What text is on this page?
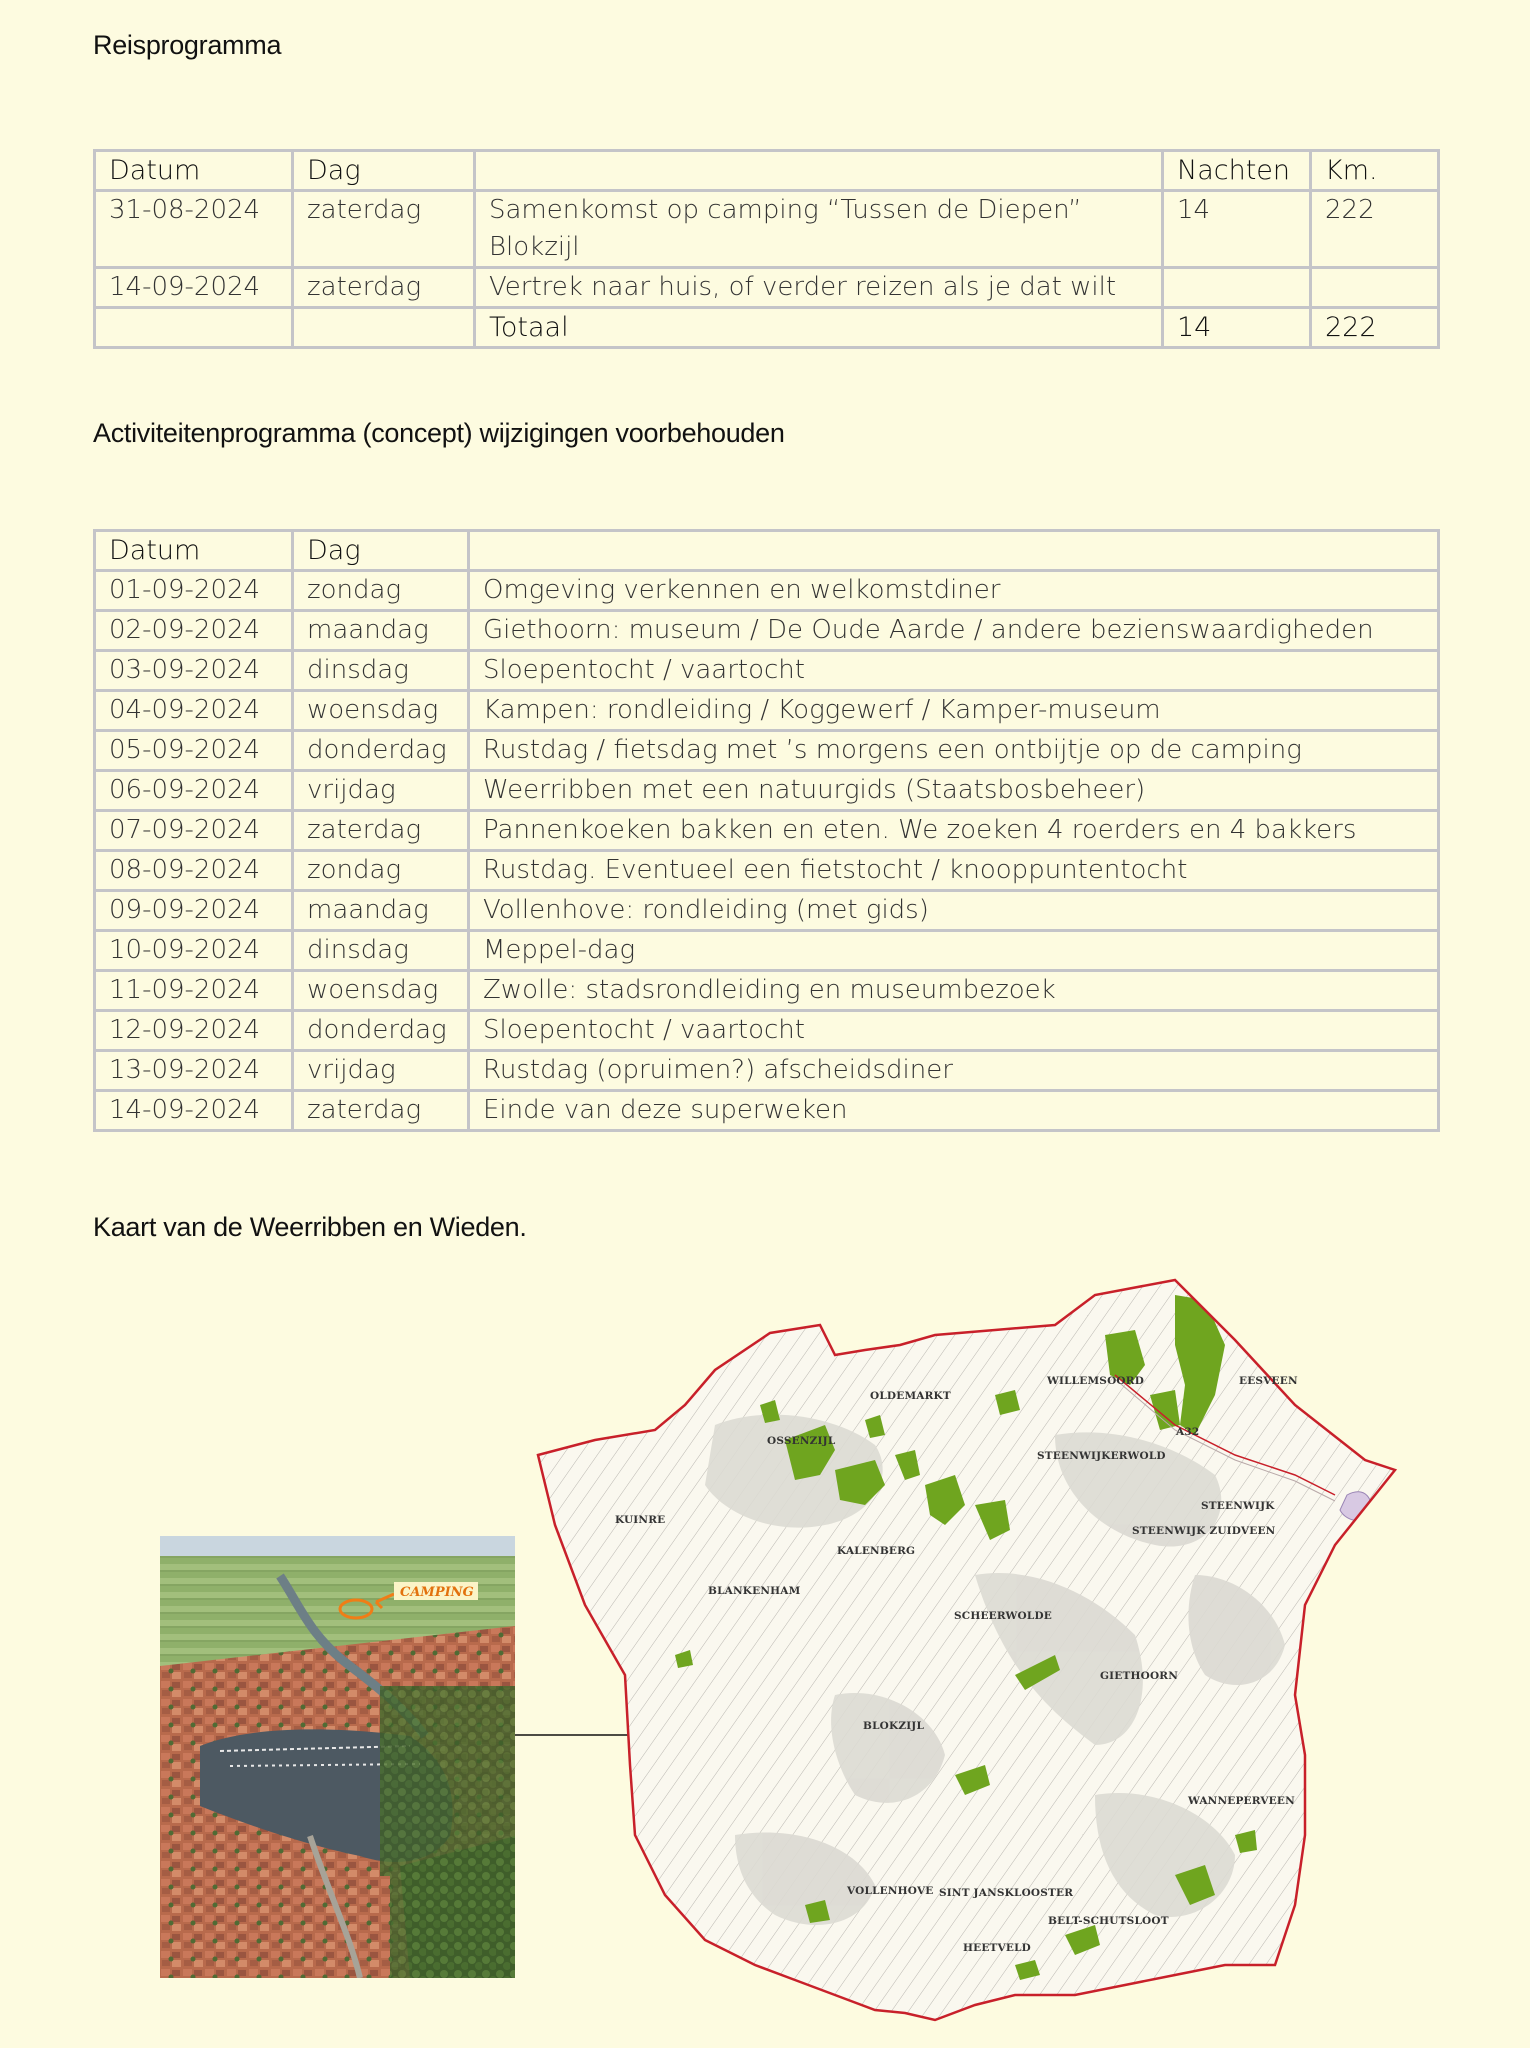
Reisprogramma
Datum	Dag		Nachten	Km.
31-08-2024	zaterdag	Samenkomst op camping “Tussen de Diepen” Blokzijl	14	222
14-09-2024	zaterdag	Vertrek naar huis, of verder reizen als je dat wilt		
		Totaal	14	222
Activiteitenprogramma (concept) wijzigingen voorbehouden
Datum	Dag	
01-09-2024	zondag	Omgeving verkennen en welkomstdiner
02-09-2024	maandag	Giethoorn: museum / De Oude Aarde / andere bezienswaardigheden
03-09-2024	dinsdag	Sloepentocht / vaartocht
04-09-2024	woensdag	Kampen: rondleiding / Koggewerf / Kamper-museum
05-09-2024	donderdag	Rustdag / fietsdag met ’s morgens een ontbijtje op de camping
06-09-2024	vrijdag	Weerribben met een natuurgids (Staatsbosbeheer)
07-09-2024	zaterdag	Pannenkoeken bakken en eten. We zoeken 4 roerders en 4 bakkers
08-09-2024	zondag	Rustdag. Eventueel een fietstocht / knooppuntentocht
09-09-2024	maandag	Vollenhove: rondleiding (met gids)
10-09-2024	dinsdag	Meppel-dag
11-09-2024	woensdag	Zwolle: stadsrondleiding en museumbezoek
12-09-2024	donderdag	Sloepentocht / vaartocht
13-09-2024	vrijdag	Rustdag (opruimen?) afscheidsdiner
14-09-2024	zaterdag	Einde van deze superweken
Kaart van de Weerribben en Wieden.
CAMPING
A32
OLDEMARKT
WILLEMSOORD	EESVEEN
OSSENZIJL
STEENWIJKERWOLD
KUINRE
STEENWIJK
STEENWIJK ZUIDVEEN
KALENBERG
BLANKENHAM
SCHEERWOLDE
GIETHOORN
BLOKZIJL
WANNEPERVEEN
VOLLENHOVE SINT JANSKLOOSTER
BELT-SCHUTSLOOT
HEETVELD
